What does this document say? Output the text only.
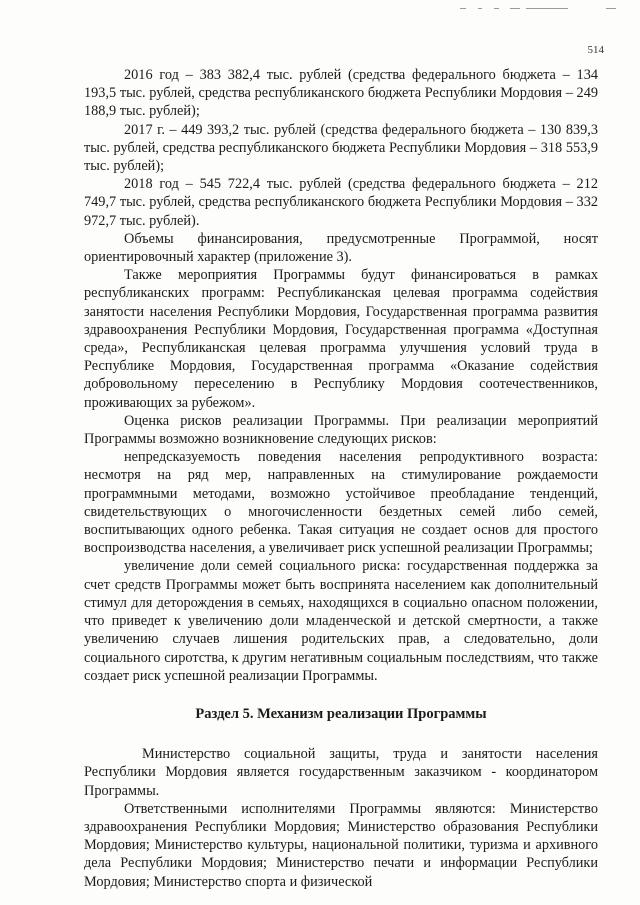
514

2016 год – 383 382,4 тыс. рублей (средства федерального бюджета – 134 193,5 тыс. рублей, средства республиканского бюджета Республики Мордовия – 249 188,9 тыс. рублей);

2017 г. – 449 393,2 тыс. рублей (средства федерального бюджета – 130 839,3 тыс. рублей, средства республиканского бюджета Республики Мордовия – 318 553,9 тыс. рублей);

2018 год – 545 722,4 тыс. рублей (средства федерального бюджета – 212 749,7 тыс. рублей, средства республиканского бюджета Республики Мордовия – 332 972,7 тыс. рублей).

Объемы финансирования, предусмотренные Программой, носят ориентировочный характер (приложение 3).

Также мероприятия Программы будут финансироваться в рамках республиканских программ: Республиканская целевая программа содействия занятости населения Республики Мордовия, Государственная программа развития здравоохранения Республики Мордовия, Государственная программа «Доступная среда», Республиканская целевая программа улучшения условий труда в Республике Мордовия, Государственная программа «Оказание содействия добровольному переселению в Республику Мордовия соотечественников, проживающих за рубежом».

Оценка рисков реализации Программы. При реализации мероприятий Программы возможно возникновение следующих рисков:

непредсказуемость поведения населения репродуктивного возраста: несмотря на ряд мер, направленных на стимулирование рождаемости программными методами, возможно устойчивое преобладание тенденций, свидетельствующих о многочисленности бездетных семей либо семей, воспитывающих одного ребенка. Такая ситуация не создает основ для простого воспроизводства населения, а увеличивает риск успешной реализации Программы;

увеличение доли семей социального риска: государственная поддержка за счет средств Программы может быть воспринята населением как дополнительный стимул для деторождения в семьях, находящихся в социально опасном положении, что приведет к увеличению доли младенческой и детской смертности, а также увеличению случаев лишения родительских прав, а следовательно, доли социального сиротства, к другим негативным социальным последствиям, что также создает риск успешной реализации Программы.

Раздел 5. Механизм реализации Программы

Министерство социальной защиты, труда и занятости населения Республики Мордовия является государственным заказчиком - координатором Программы.

Ответственными исполнителями Программы являются: Министерство здравоохранения Республики Мордовия; Министерство образования Республики Мордовия; Министерство культуры, национальной политики, туризма и архивного дела Республики Мордовия; Министерство печати и информации Республики Мордовия; Министерство спорта и физической
